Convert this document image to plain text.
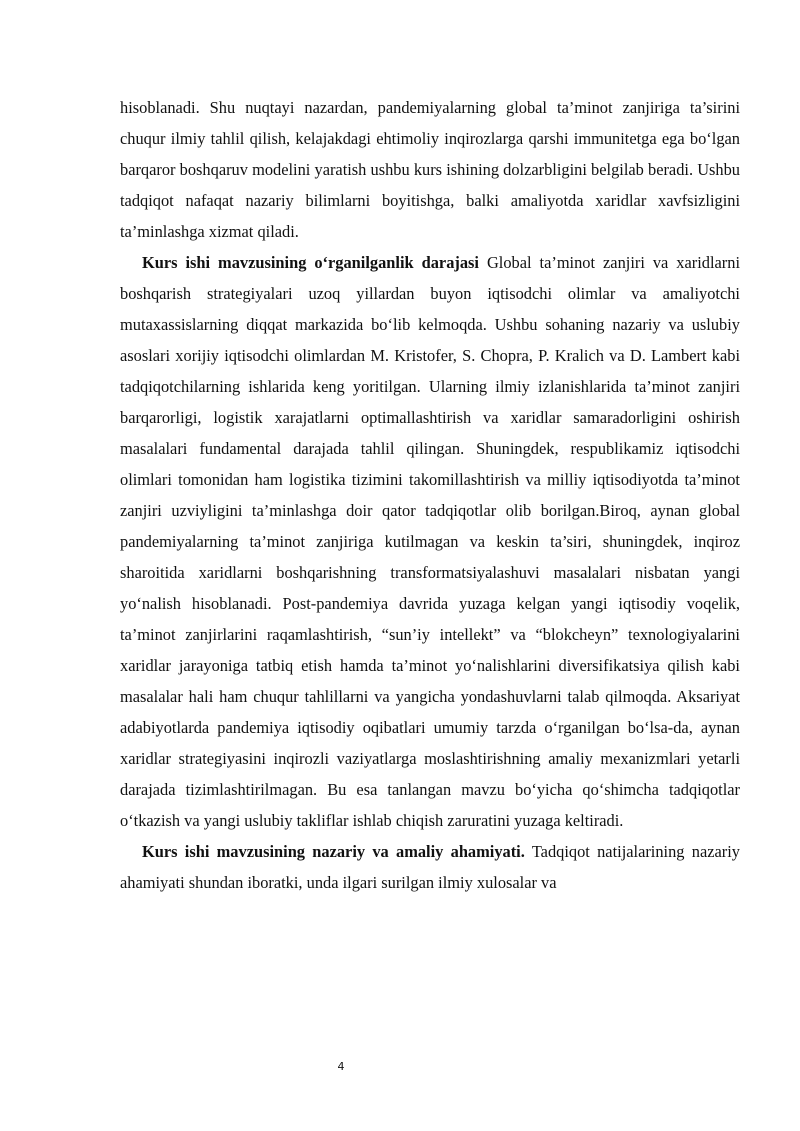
hisoblanadi. Shu nuqtayi nazardan, pandemiyalarning global ta’minot zanjiriga ta’sirini chuqur ilmiy tahlil qilish, kelajakdagi ehtimoliy inqirozlarga qarshi immunitetga ega bo‘lgan barqaror boshqaruv modelini yaratish ushbu kurs ishining dolzarbligini belgilab beradi. Ushbu tadqiqot nafaqat nazariy bilimlarni boyitishga, balki amaliyotda xaridlar xavfsizligini ta’minlashga xizmat qiladi.

Kurs ishi mavzusining o‘rganilganlik darajasi Global ta’minot zanjiri va xaridlarni boshqarish strategiyalari uzoq yillardan buyon iqtisodchi olimlar va amaliyotchi mutaxassislarning diqqat markazida bo‘lib kelmoqda. Ushbu sohaning nazariy va uslubiy asoslari xorijiy iqtisodchi olimlardan M. Kristofer, S. Chopra, P. Kralich va D. Lambert kabi tadqiqotchilarning ishlarida keng yoritilgan. Ularning ilmiy izlanishlarida ta’minot zanjiri barqarorligi, logistik xarajatlarni optimallashtirish va xaridlar samaradorligini oshirish masalalari fundamental darajada tahlil qilingan. Shuningdek, respublikamiz iqtisodchi olimlari tomonidan ham logistika tizimini takomillashtirish va milliy iqtisodiyotda ta’minot zanjiri uzviyligini ta’minlashga doir qator tadqiqotlar olib borilgan.Biroq, aynan global pandemiyalarning ta’minot zanjiriga kutilmagan va keskin ta’siri, shuningdek, inqiroz sharoitida xaridlarni boshqarishning transformatsiyalashuvi masalalari nisbatan yangi yo‘nalish hisoblanadi. Post-pandemiya davrida yuzaga kelgan yangi iqtisodiy voqelik, ta’minot zanjirlarini raqamlashtirish, “sun’iy intellekt” va “blokcheyn” texnologiyalarini xaridlar jarayoniga tatbiq etish hamda ta’minot yo‘nalishlarini diversifikatsiya qilish kabi masalalar hali ham chuqur tahlillarni va yangicha yondashuvlarni talab qilmoqda. Aksariyat adabiyotlarda pandemiya iqtisodiy oqibatlari umumiy tarzda o‘rganilgan bo‘lsa-da, aynan xaridlar strategiyasini inqirozli vaziyatlarga moslashtirishning amaliy mexanizmlari yetarli darajada tizimlashtirilmagan. Bu esa tanlangan mavzu bo‘yicha qo‘shimcha tadqiqotlar o‘tkazish va yangi uslubiy takliflar ishlab chiqish zaruratini yuzaga keltiradi.

Kurs ishi mavzusining nazariy va amaliy ahamiyati. Tadqiqot natijalarining nazariy ahamiyati shundan iboratki, unda ilgari surilgan ilmiy xulosalar va

4
